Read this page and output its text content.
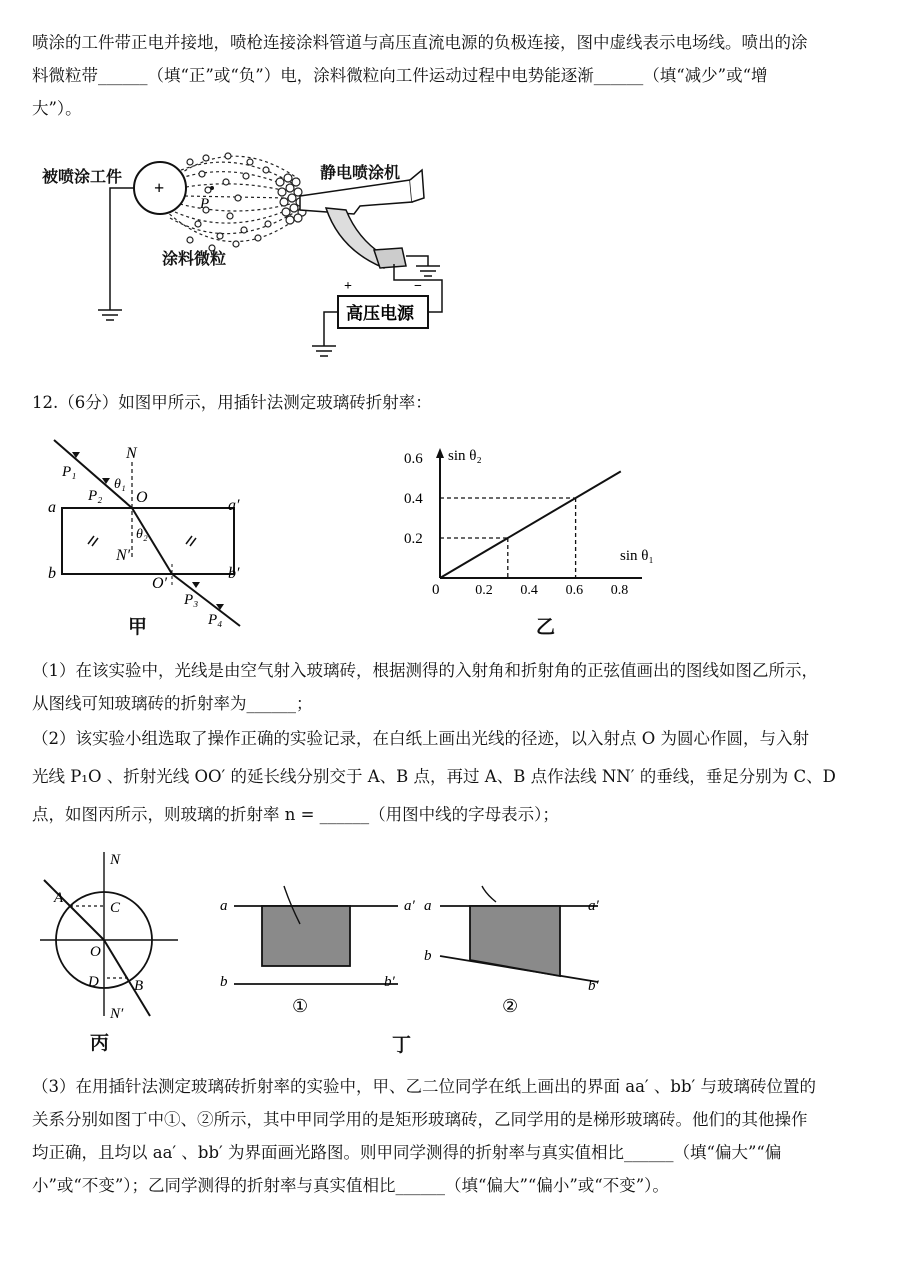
喷涂的工件带正电并接地，喷枪连接涂料管道与高压直流电源的负极连接，图中虚线表示电场线。喷出的涂
料微粒带______（填“正”或“负”）电，涂料微粒向工件运动过程中电势能逐渐______（填“减少”或“增
大”）。
+
P
高压电源
+	−
被喷涂工件	静电喷涂机
涂料微粒
12.（6分）如图甲所示，用插针法测定玻璃砖折射率：
a	a′
b	b′
N
N′
O
O′
P₁
P₂
P₃
P₄
θ₁
θ₂
甲
sin θ₂
sin θ₁
0	0.2 0.4 0.6 0.8
0.2
0.4
0.6
乙
（1）在该实验中，光线是由空气射入玻璃砖，根据测得的入射角和折射角的正弦值画出的图线如图乙所示，
从图线可知玻璃砖的折射率为______；
（2）该实验小组选取了操作正确的实验记录，在白纸上画出光线的径迹，以入射点 O 为圆心作圆，与入射
光线 P₁O 、折射光线 OO′ 的延长线分别交于 A、B 点，再过 A、B 点作法线 NN′ 的垂线，垂足分别为 C、D
点，如图丙所示，则玻璃的折射率 n = ______（用图中线的字母表示）；
N
A
C
O
D B
N′
丙
a	a′
b	b′
①
a	a′
b
b′
②
丁
（3）在用插针法测定玻璃砖折射率的实验中，甲、乙二位同学在纸上画出的界面 aa′ 、bb′ 与玻璃砖位置的
关系分别如图丁中①、②所示，其中甲同学用的是矩形玻璃砖，乙同学用的是梯形玻璃砖。他们的其他操作
均正确，且均以 aa′ 、bb′ 为界面画光路图。则甲同学测得的折射率与真实值相比______（填“偏大”“偏
小”或“不变”）；乙同学测得的折射率与真实值相比______（填“偏大”“偏小”或“不变”）。
